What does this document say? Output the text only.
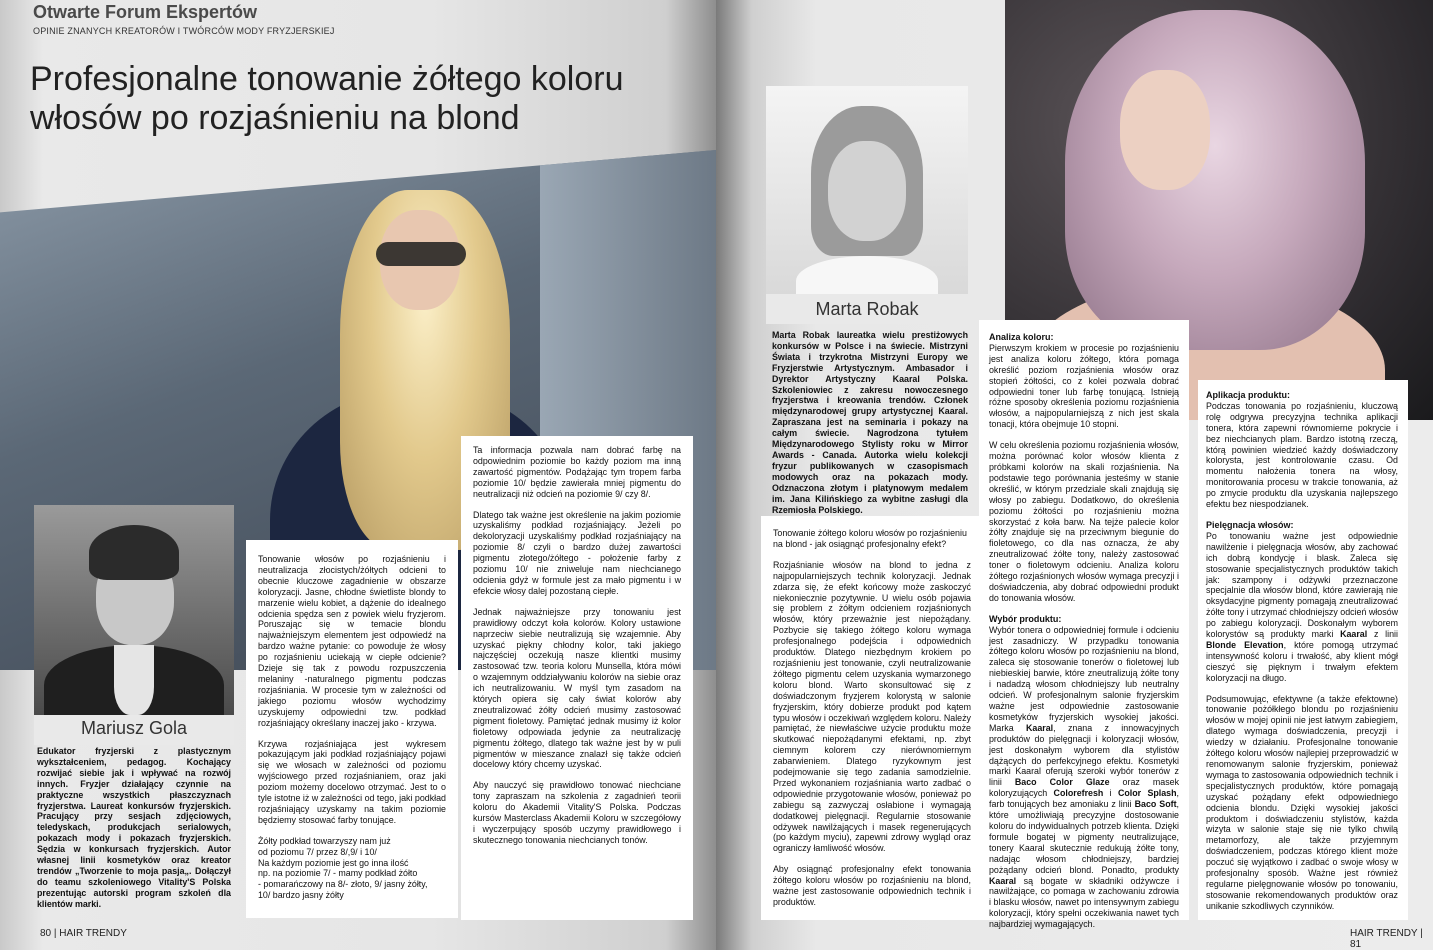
Otwarte Forum Ekspertów
OPINIE ZNANYCH KREATORÓW I TWÓRCÓW MODY FRYZJERSKIEJ
Profesjonalne tonowanie żółtego koloru włosów po rozjaśnieniu na blond
Mariusz Gola
Edukator fryzjerski z plastycznym wykształceniem, pedagog. Kochający rozwijać siebie jak i wpływać na rozwój innych. Fryzjer działający czynnie na praktyczne wszystkich płaszczyznach fryzjerstwa. Laureat konkursów fryzjerskich. Pracujący przy sesjach zdjęciowych, teledyskach, produkcjach serialowych, pokazach mody i pokazach fryzjerskich. Sędzia w konkursach fryzjerskich. Autor własnej linii kosmetyków oraz kreator trendów „Tworzenie to moja pasja„. Dołączył do teamu szkoleniowego Vitality'S Polska prezentując autorski program szkoleń dla klientów marki.

Tonowanie włosów po rozjaśnieniu i neutralizacja złocistych/żółtych odcieni to obecnie kluczowe zagadnienie w obszarze koloryzacji. Jasne, chłodne świetliste blondy to marzenie wielu kobiet, a dążenie do idealnego odcienia spędza sen z powiek wielu fryzjerom. Poruszając się w temacie blondu najważniejszym elementem jest odpowiedź na bardzo ważne pytanie: co powoduje że włosy po rozjaśnieniu uciekają w ciepłe odcienie? Dzieje się tak z powodu rozpuszczenia melaniny -naturalnego pigmentu podczas rozjaśniania. W procesie tym w zależności od jakiego poziomu włosów wychodzimy uzyskujemy odpowiedni tzw. podkład rozjaśniający określany inaczej jako - krzywa.

Krzywa rozjaśniająca jest wykresem pokazującym jaki podkład rozjaśniający pojawi się we włosach w zależności od poziomu wyjściowego przed rozjaśnianiem, oraz jaki poziom możemy docelowo otrzymać. Jest to o tyle istotne iż w zależności od tego, jaki podkład rozjaśniający uzyskamy na takim poziomie będziemy stosować farby tonujące.

Żółty podkład towarzyszy nam już
od poziomu 7/ przez 8/,9/ i 10/
Na każdym poziomie jest go inna ilość
np. na poziomie 7/ - mamy podkład żółto
- pomarańczowy na 8/- złoto, 9/ jasny żółty,
10/ bardzo jasny żółty

Ta informacja pozwala nam dobrać farbę na odpowiednim poziomie bo każdy poziom ma inną zawartość pigmentów. Podążając tym tropem farba poziomie 10/ będzie zawierała mniej pigmentu do neutralizacji niż odcień na poziomie 9/ czy 8/.

Dlatego tak ważne jest określenie na jakim poziomie uzyskaliśmy podkład rozjaśniający. Jeżeli po dekoloryzacji uzyskaliśmy podkład rozjaśniający na poziomie 8/ czyli o bardzo dużej zawartości pigmentu złotego/żółtego - położenie farby z poziomu 10/ nie zniweluje nam niechcianego odcienia gdyż w formule jest za mało pigmentu i w efekcie włosy dalej pozostaną ciepłe.

Jednak najważniejsze przy tonowaniu jest prawidłowy odczyt koła kolorów. Kolory ustawione naprzeciw siebie neutralizują się wzajemnie. Aby uzyskać piękny chłodny kolor, taki jakiego najczęściej oczekują nasze klientki musimy zastosować tzw. teoria koloru Munsella, która mówi o wzajemnym oddziaływaniu kolorów na siebie oraz ich neutralizowaniu. W myśl tym zasadom na których opiera się cały świat kolorów aby zneutralizować żółty odcień musimy zastosować pigment fioletowy. Pamiętać jednak musimy iż kolor fioletowy odpowiada jedynie za neutralizację pigmentu żółtego, dlatego tak ważne jest by w puli pigmentów w mieszance znalazł się także odcień docelowy który chcemy uzyskać.

Aby nauczyć się prawidłowo tonować niechciane tony zapraszam na szkolenia z zagadnień teorii koloru do Akademii Vitality'S Polska. Podczas kursów Masterclass Akademii Koloru w szczegółowy i wyczerpujący sposób uczymy prawidłowego i skutecznego tonowania niechcianych tonów.

80 | HAIR TRENDY
Marta Robak
Marta Robak laureatka wielu prestiżowych konkursów w Polsce i na świecie. Mistrzyni Świata i trzykrotna Mistrzyni Europy we Fryzjerstwie Artystycznym. Ambasador i Dyrektor Artystyczny Kaaral Polska. Szkoleniowiec z zakresu nowoczesnego fryzjerstwa i kreowania trendów. Członek międzynarodowej grupy artystycznej Kaaral. Zapraszana jest na seminaria i pokazy na całym świecie. Nagrodzona tytułem Międzynarodowego Stylisty roku w Mirror Awards - Canada. Autorka wielu kolekcji fryzur publikowanych w czasopismach modowych oraz na pokazach mody. Odznaczona złotym i platynowym medalem im. Jana Kilińskiego za wybitne zasługi dla Rzemiosła Polskiego.

Tonowanie żółtego koloru włosów po rozjaśnieniu na blond - jak osiągnąć profesjonalny efekt?

Rozjaśnianie włosów na blond to jedna z najpopularniejszych technik koloryzacji. Jednak zdarza się, że efekt końcowy może zaskoczyć niekoniecznie pozytywnie. U wielu osób pojawia się problem z żółtym odcieniem rozjaśnionych włosów, który przeważnie jest niepożądany. Pozbycie się takiego żółtego koloru wymaga profesjonalnego podejścia i odpowiednich produktów. Dlatego niezbędnym krokiem po rozjaśnieniu jest tonowanie, czyli neutralizowanie żółtego pigmentu celem uzyskania wymarzonego koloru blond. Warto skonsultować się z doświadczonym fryzjerem kolorystą w salonie fryzjerskim, który dobierze produkt pod kątem typu włosów i oczekiwań względem koloru. Należy pamiętać, że niewłaściwe użycie produktu może skutkować niepożądanymi efektami, np. zbyt ciemnym kolorem czy nierównomiernym zabarwieniem. Dlatego ryzykownym jest podejmowanie się tego zadania samodzielnie. Przed wykonaniem rozjaśniania warto zadbać o odpowiednie przygotowanie włosów, ponieważ po zabiegu są zazwyczaj osłabione i wymagają dodatkowej pielęgnacji. Regularnie stosowanie odżywek nawilżających i masek regenerujących (po każdym myciu), zapewni zdrowy wygląd oraz ograniczy łamliwość włosów.

Aby osiągnąć profesjonalny efekt tonowania żółtego koloru włosów po rozjaśnieniu na blond, ważne jest zastosowanie odpowiednich technik i produktów.

Analiza koloru:

Pierwszym krokiem w procesie po rozjaśnieniu jest analiza koloru żółtego, która pomaga określić poziom rozjaśnienia włosów oraz stopień żółtości, co z kolei pozwala dobrać odpowiedni toner lub farbę tonującą. Istnieją różne sposoby określenia poziomu rozjaśnienia włosów, a najpopularniejszą z nich jest skala tonacji, która obejmuje 10 stopni.

W celu określenia poziomu rozjaśnienia włosów, można porównać kolor włosów klienta z próbkami kolorów na skali rozjaśnienia. Na podstawie tego porównania jesteśmy w stanie określić, w którym przedziale skali znajdują się włosy po zabiegu. Dodatkowo, do określenia poziomu żółtości po rozjaśnieniu można skorzystać z koła barw. Na tejże palecie kolor żółty znajduje się na przeciwnym biegunie do fioletowego, co dla nas oznacza, że aby zneutralizować żółte tony, należy zastosować toner o fioletowym odcieniu. Analiza koloru żółtego rozjaśnionych włosów wymaga precyzji i doświadczenia, aby dobrać odpowiedni produkt do tonowania włosów.

Wybór produktu:

Wybór tonera o odpowiedniej formule i odcieniu jest zasadniczy. W przypadku tonowania żółtego koloru włosów po rozjaśnieniu na blond, zaleca się stosowanie tonerów o fioletowej lub niebieskiej barwie, które zneutralizują żółte tony i nadadzą włosom chłodniejszy lub neutralny odcień. W profesjonalnym salonie fryzjerskim ważne jest odpowiednie zastosowanie kosmetyków fryzjerskich wysokiej jakości. Marka Kaaral, znana z innowacyjnych produktów do pielęgnacji i koloryzacji włosów, jest doskonałym wyborem dla stylistów dążących do perfekcyjnego efektu. Kosmetyki marki Kaaral oferują szeroki wybór tonerów z linii Baco Color Glaze oraz masek koloryzujących Colorefresh i Color Splash, farb tonujących bez amoniaku z linii Baco Soft, które umożliwiają precyzyjne dostosowanie koloru do indywidualnych potrzeb klienta. Dzięki formule bogatej w pigmenty neutralizujące, tonery Kaaral skutecznie redukują żółte tony, nadając włosom chłodniejszy, bardziej pożądany odcień blond. Ponadto, produkty Kaaral są bogate w składniki odżywcze i nawilżające, co pomaga w zachowaniu zdrowia i blasku włosów, nawet po intensywnym zabiegu koloryzacji, który spełni oczekiwania nawet tych najbardziej wymagających.

Aplikacja produktu:

Podczas tonowania po rozjaśnieniu, kluczową rolę odgrywa precyzyjna technika aplikacji tonera, która zapewni równomierne pokrycie i bez niechcianych plam. Bardzo istotną rzeczą, którą powinien wiedzieć każdy doświadczony kolorysta, jest kontrolowanie czasu. Od momentu nałożenia tonera na włosy, monitorowania procesu w trakcie tonowania, aż po zmycie produktu dla uzyskania najlepszego efektu bez niespodzianek.

Pielęgnacja włosów:

Po tonowaniu ważne jest odpowiednie nawilżenie i pielęgnacja włosów, aby zachować ich dobrą kondycję i blask. Zaleca się stosowanie specjalistycznych produktów takich jak: szampony i odżywki przeznaczone specjalnie dla włosów blond, które zawierają nie oksydacyjne pigmenty pomagają zneutralizować żółte tony i utrzymać chłodniejszy odcień włosów po zabiegu koloryzacji. Doskonałym wyborem kolorystów są produkty marki Kaaral z linii Blonde Elevation, które pomogą utrzymać intensywność koloru i trwałość, aby klient mógł cieszyć się pięknym i trwałym efektem koloryzacji na długo.

Podsumowując, efektywne (a także efektowne) tonowanie pożółkłego blondu po rozjaśnieniu włosów w mojej opinii nie jest łatwym zabiegiem, dlatego wymaga doświadczenia, precyzji i wiedzy w działaniu. Profesjonalne tonowanie żółtego koloru włosów najlepiej przeprowadzić w renomowanym salonie fryzjerskim, ponieważ wymaga to zastosowania odpowiednich technik i specjalistycznych produktów, które pomagają uzyskać pożądany efekt odpowiedniego odcienia blondu. Dzięki wysokiej jakości produktom i doświadczeniu stylistów, każda wizyta w salonie staje się nie tylko chwilą metamorfozy, ale także przyjemnym doświadczeniem, podczas którego klient może poczuć się wyjątkowo i zadbać o swoje włosy w profesjonalny sposób. Ważne jest również regularne pielęgnowanie włosów po tonowaniu, stosowanie rekomendowanych produktów oraz unikanie szkodliwych czynników.

HAIR TRENDY | 81
